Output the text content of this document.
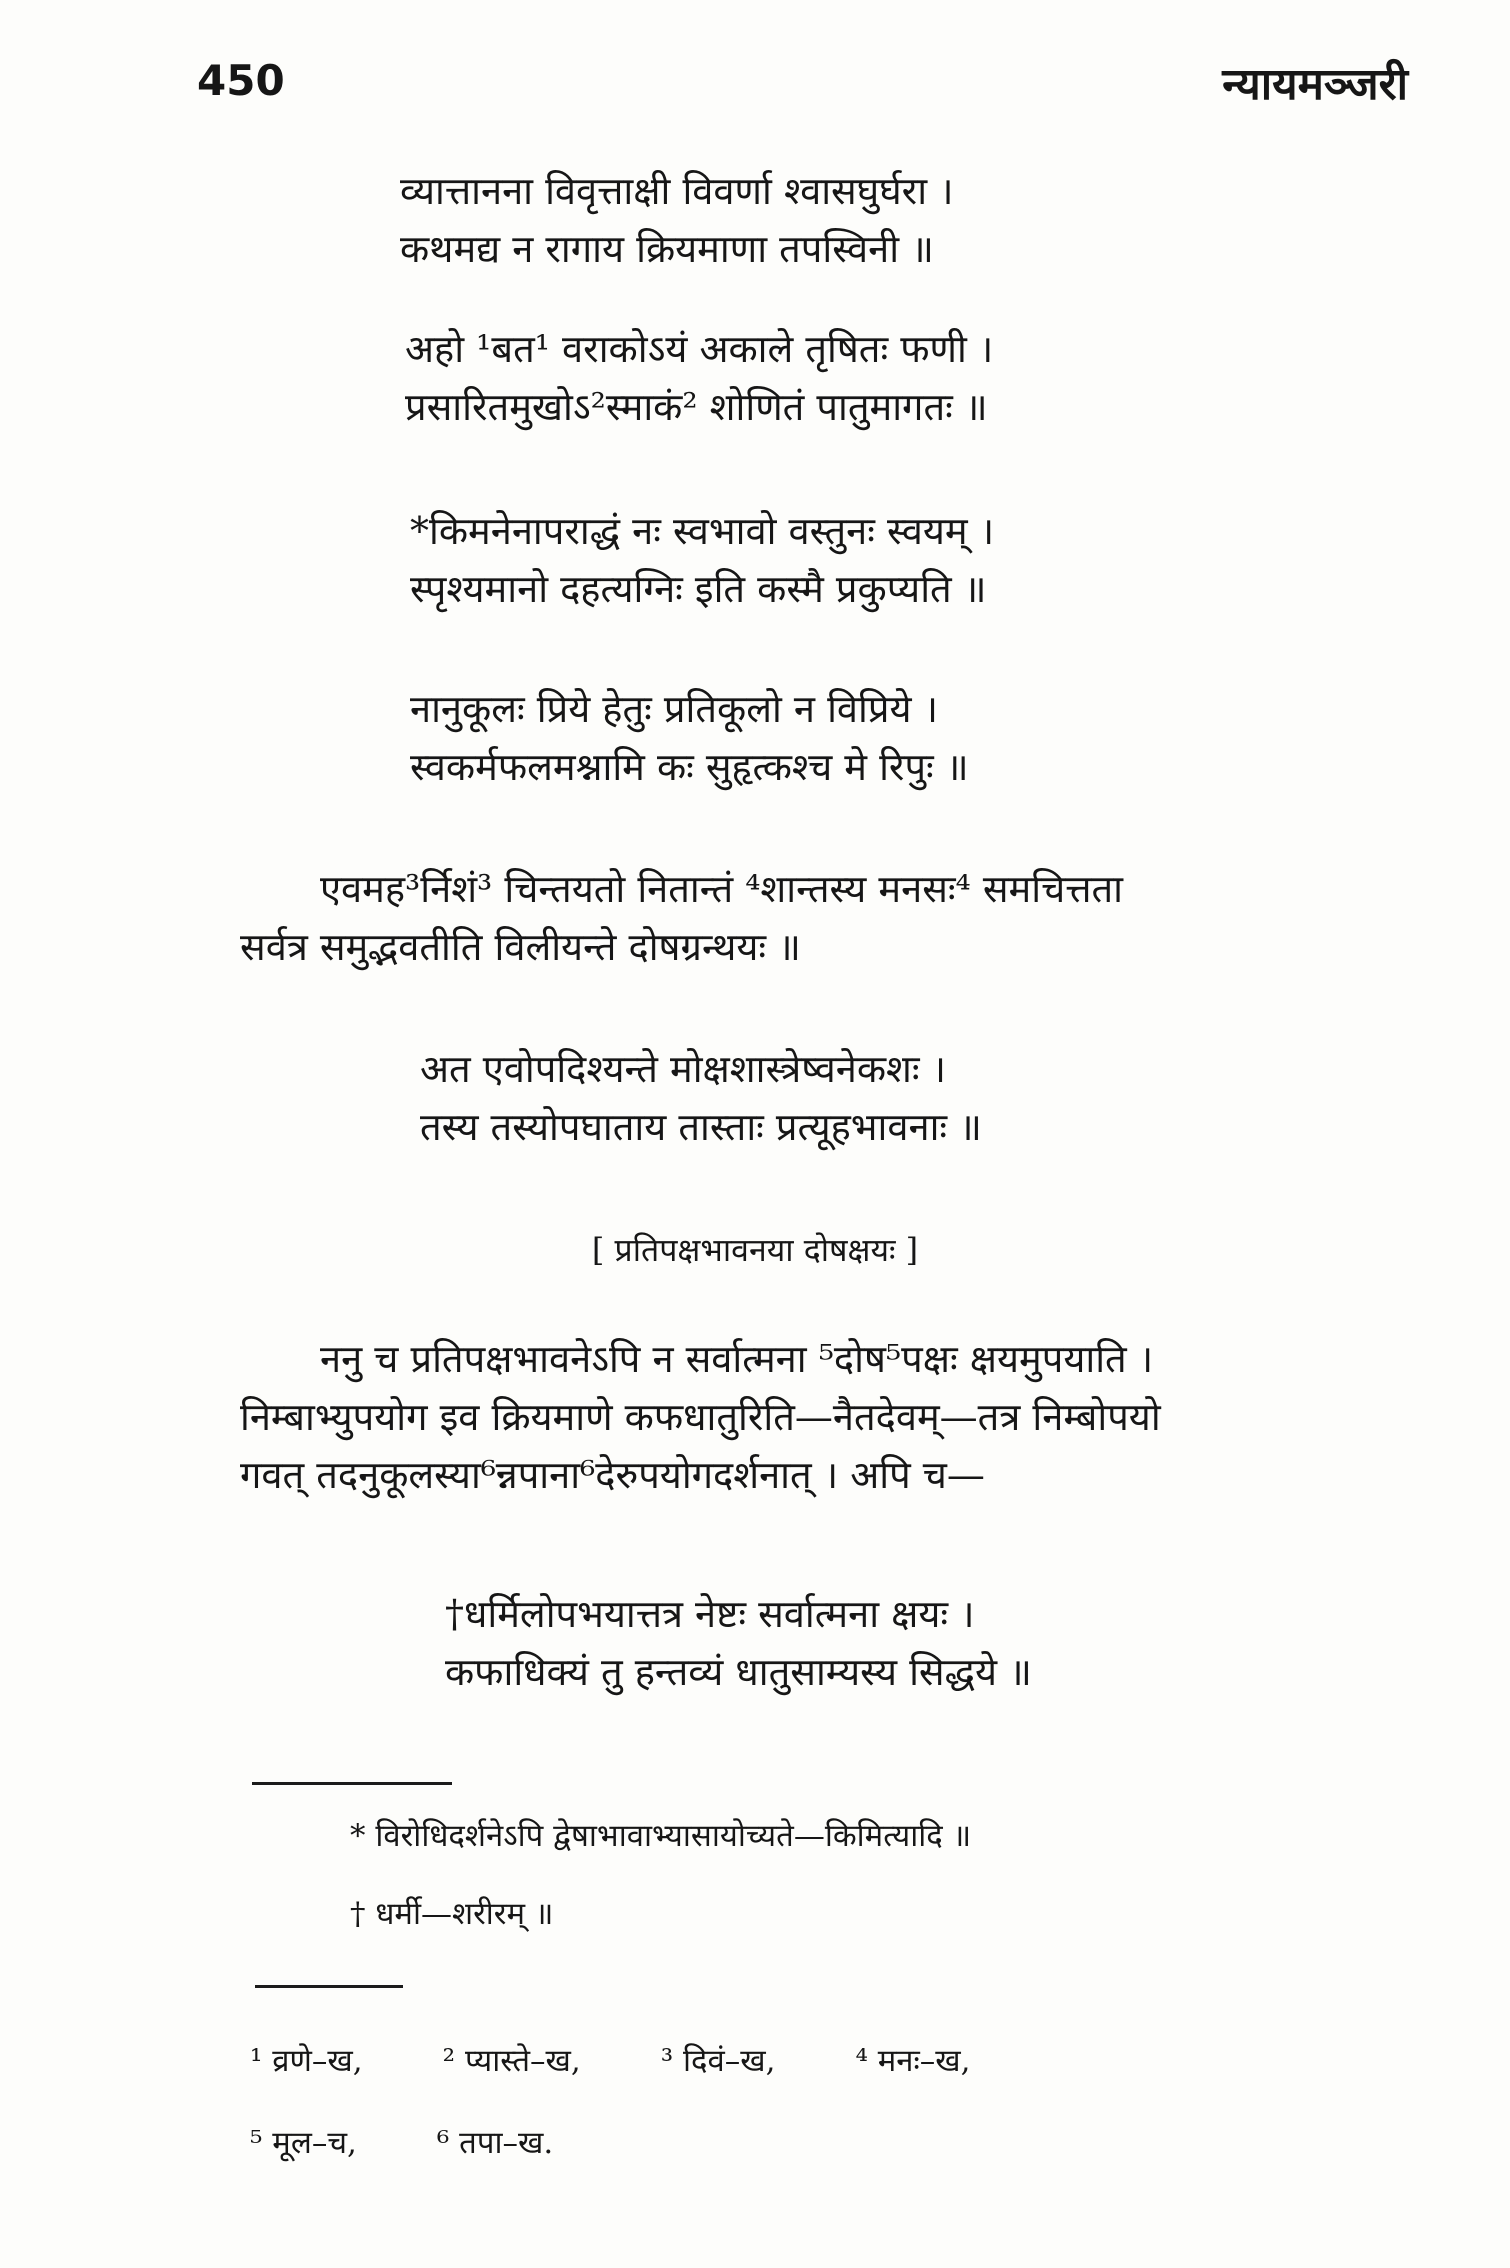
450	न्यायमञ्जरी
व्यात्तानना विवृत्ताक्षी विवर्णा श्वासघुर्घरा ।
कथमद्य न रागाय क्रियमाणा तपस्विनी ॥
अहो ¹बत¹ वराकोऽयं अकाले तृषितः फणी ।
प्रसारितमुखोऽ²स्माकं² शोणितं पातुमागतः ॥
*किमनेनापराद्धं नः स्वभावो वस्तुनः स्वयम् ।
स्पृश्यमानो दहत्यग्निः इति कस्मै प्रकुप्यति ॥
नानुकूलः प्रिये हेतुः प्रतिकूलो न विप्रिये ।
स्वकर्मफलमश्नामि कः सुहृत्कश्च मे रिपुः ॥
एवमह³र्निशं³ चिन्तयतो नितान्तं ⁴शान्तस्य मनसः⁴ समचित्तता
सर्वत्र समुद्भवतीति विलीयन्ते दोषग्रन्थयः ॥
अत एवोपदिश्यन्ते मोक्षशास्त्रेष्वनेकशः ।
तस्य तस्योपघाताय तास्ताः प्रत्यूहभावनाः ॥
[ प्रतिपक्षभावनया दोषक्षयः ]
ननु च प्रतिपक्षभावनेऽपि न सर्वात्मना ⁵दोष⁵पक्षः क्षयमुपयाति ।
निम्बाभ्युपयोग इव क्रियमाणे कफधातुरिति—नैतदेवम्—तत्र निम्बोपयो
गवत् तदनुकूलस्या⁶न्नपाना⁶देरुपयोगदर्शनात् । अपि च—
†धर्मिलोपभयात्तत्र नेष्टः सर्वात्मना क्षयः ।
कफाधिक्यं तु हन्तव्यं धातुसाम्यस्य सिद्धये ॥
* विरोधिदर्शनेऽपि द्वेषाभावाभ्यासायोच्यते—किमित्यादि ॥
† धर्मी—शरीरम् ॥
¹ व्रणे–ख,	² प्यास्ते–ख,	³ दिवं–ख,	⁴ मनः–ख,
⁵ मूल–च,	⁶ तपा–ख.
